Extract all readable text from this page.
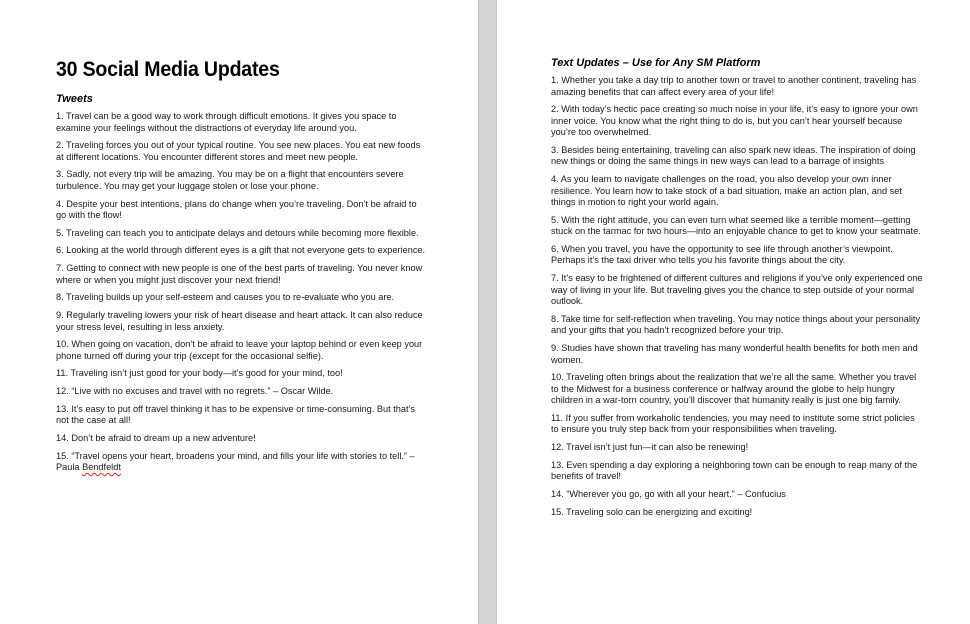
30 Social Media Updates
Tweets
1. Travel can be a good way to work through difficult emotions. It gives you space to examine your feelings without the distractions of everyday life around you.
2. Traveling forces you out of your typical routine. You see new places. You eat new foods at different locations. You encounter different stores and meet new people.
3. Sadly, not every trip will be amazing. You may be on a flight that encounters severe turbulence. You may get your luggage stolen or lose your phone.
4. Despite your best intentions, plans do change when you’re traveling. Don’t be afraid to go with the flow!
5. Traveling can teach you to anticipate delays and detours while becoming more flexible.
6. Looking at the world through different eyes is a gift that not everyone gets to experience.
7. Getting to connect with new people is one of the best parts of traveling. You never know where or when you might just discover your next friend!
8. Traveling builds up your self-esteem and causes you to re-evaluate who you are.
9. Regularly traveling lowers your risk of heart disease and heart attack. It can also reduce your stress level, resulting in less anxiety.
10. When going on vacation, don’t be afraid to leave your laptop behind or even keep your phone turned off during your trip (except for the occasional selfie).
11. Traveling isn’t just good for your body—it’s good for your mind, too!
12. “Live with no excuses and travel with no regrets.” – Oscar Wilde.
13. It’s easy to put off travel thinking it has to be expensive or time-consuming. But that’s not the case at all!
14. Don’t be afraid to dream up a new adventure!
15. “Travel opens your heart, broadens your mind, and fills your life with stories to tell.” – Paula Bendfeldt
Text Updates – Use for Any SM Platform
1. Whether you take a day trip to another town or travel to another continent, traveling has amazing benefits that can affect every area of your life!
2. With today’s hectic pace creating so much noise in your life, it’s easy to ignore your own inner voice. You know what the right thing to do is, but you can’t hear yourself because you’re too overwhelmed.
3. Besides being entertaining, traveling can also spark new ideas. The inspiration of doing new things or doing the same things in new ways can lead to a barrage of insights
4. As you learn to navigate challenges on the road, you also develop your own inner resilience. You learn how to take stock of a bad situation, make an action plan, and set things in motion to right your world again.
5. With the right attitude, you can even turn what seemed like a terrible moment—getting stuck on the tarmac for two hours—into an enjoyable chance to get to know your seatmate.
6. When you travel, you have the opportunity to see life through another’s viewpoint. Perhaps it’s the taxi driver who tells you his favorite things about the city.
7. It’s easy to be frightened of different cultures and religions if you’ve only experienced one way of living in your life. But traveling gives you the chance to step outside of your normal outlook.
8. Take time for self-reflection when traveling. You may notice things about your personality and your gifts that you hadn’t recognized before your trip.
9. Studies have shown that traveling has many wonderful health benefits for both men and women.
10. Traveling often brings about the realization that we’re all the same. Whether you travel to the Midwest for a business conference or halfway around the globe to help hungry children in a war-torn country, you’ll discover that humanity really is just one big family.
11. If you suffer from workaholic tendencies, you may need to institute some strict policies to ensure you truly step back from your responsibilities when traveling.
12. Travel isn’t just fun—it can also be renewing!
13. Even spending a day exploring a neighboring town can be enough to reap many of the benefits of travel!
14. “Wherever you go, go with all your heart.” – Confucius
15. Traveling solo can be energizing and exciting!
